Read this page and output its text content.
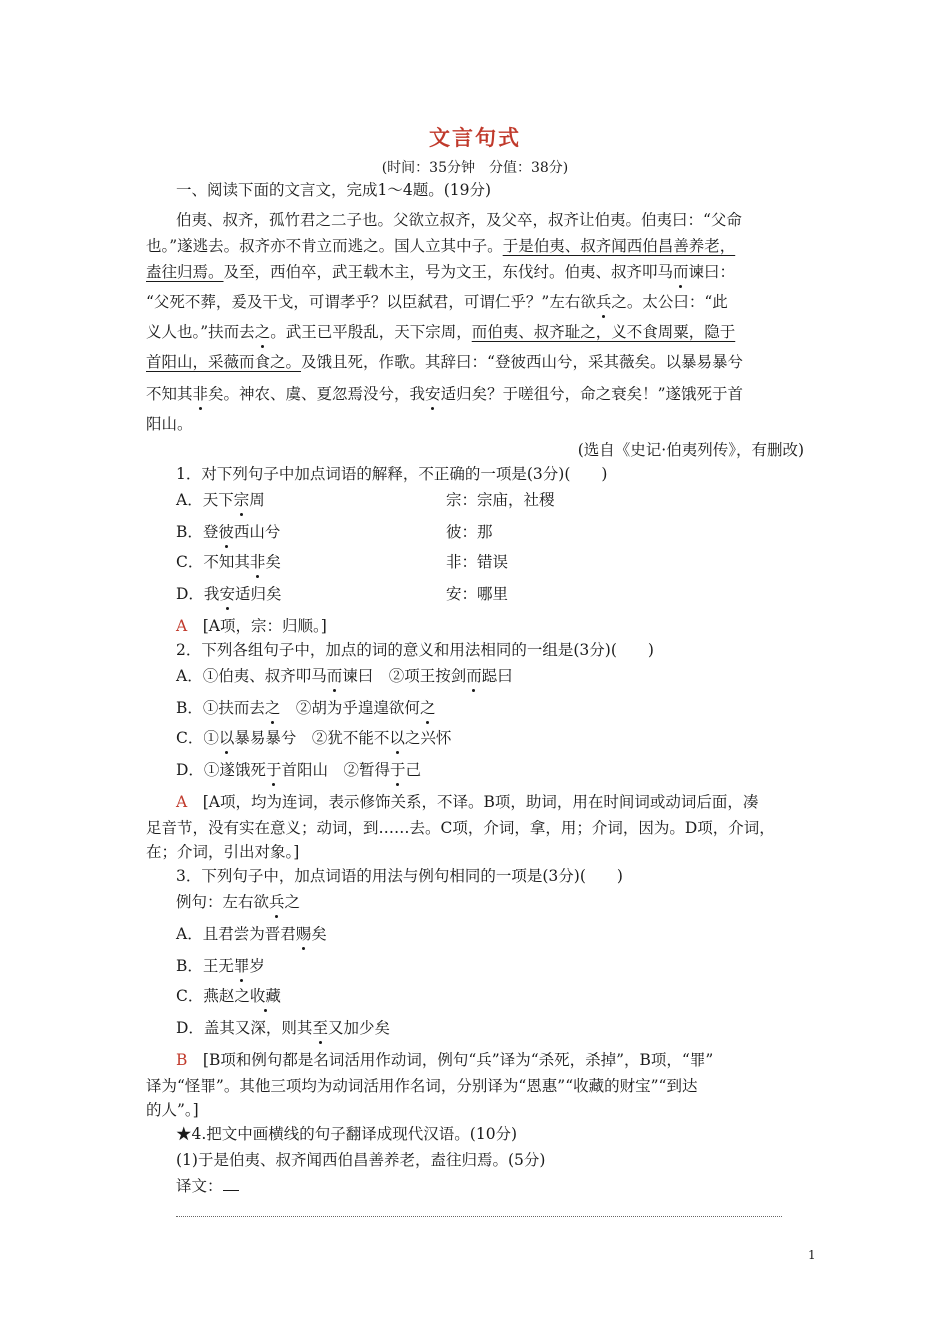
文言句式
(时间：35分钟　分值：38分)
一、阅读下面的文言文，完成1～4题。(19分)
伯夷、叔齐，孤竹君之二子也。父欲立叔齐，及父卒，叔齐让伯夷。伯夷曰：“父命
也。”遂逃去。叔齐亦不肯立而逃之。国人立其中子。于是伯夷、叔齐闻西伯昌善养老，
盍往归焉。及至，西伯卒，武王载木主，号为文王，东伐纣。伯夷、叔齐叩马而谏曰：
“父死不葬，爰及干戈，可谓孝乎？以臣弑君，可谓仁乎？”左右欲兵之。太公曰：“此
义人也。”扶而去之。武王已平殷乱，天下宗周，而伯夷、叔齐耻之，义不食周粟，隐于
首阳山，采薇而食之。及饿且死，作歌。其辞曰：“登彼西山兮，采其薇矣。以暴易暴兮
不知其非矣。神农、虞、夏忽焉没兮，我安适归矣？于嗟徂兮，命之衰矣！”遂饿死于首
阳山。
(选自《史记·伯夷列传》，有删改)
1．对下列句子中加点词语的解释，不正确的一项是(3分)(　　)
A．天下宗周	宗：宗庙，社稷
B．登彼西山兮	彼：那
C．不知其非矣	非：错误
D．我安适归矣	安：哪里
A　 [A项，宗：归顺。]
2．下列各组句子中，加点的词的意义和用法相同的一组是(3分)(　　)
A．①伯夷、叔齐叩马而谏曰　②项王按剑而跽曰
B．①扶而去之　②胡为乎遑遑欲何之
C．①以暴易暴兮　②犹不能不以之兴怀
D．①遂饿死于首阳山　②暂得于己
A　 [A项，均为连词，表示修饰关系，不译。B项，助词，用在时间词或动词后面，凑
足音节，没有实在意义；动词，到……去。C项，介词，拿，用；介词，因为。D项，介词，
在；介词，引出对象。]
3．下列句子中，加点词语的用法与例句相同的一项是(3分)(　　)
例句：左右欲兵之
A．且君尝为晋君赐矣
B．王无罪岁
C．燕赵之收藏
D．盖其又深，则其至又加少矣
B　 [B项和例句都是名词活用作动词，例句“兵”译为“杀死，杀掉”，B项，“罪”
译为“怪罪”。其他三项均为动词活用作名词，分别译为“恩惠”“收藏的财宝”“到达
的人”。]
★4.把文中画横线的句子翻译成现代汉语。(10分)
(1)于是伯夷、叔齐闻西伯昌善养老，盍往归焉。(5分)
译文：
1
